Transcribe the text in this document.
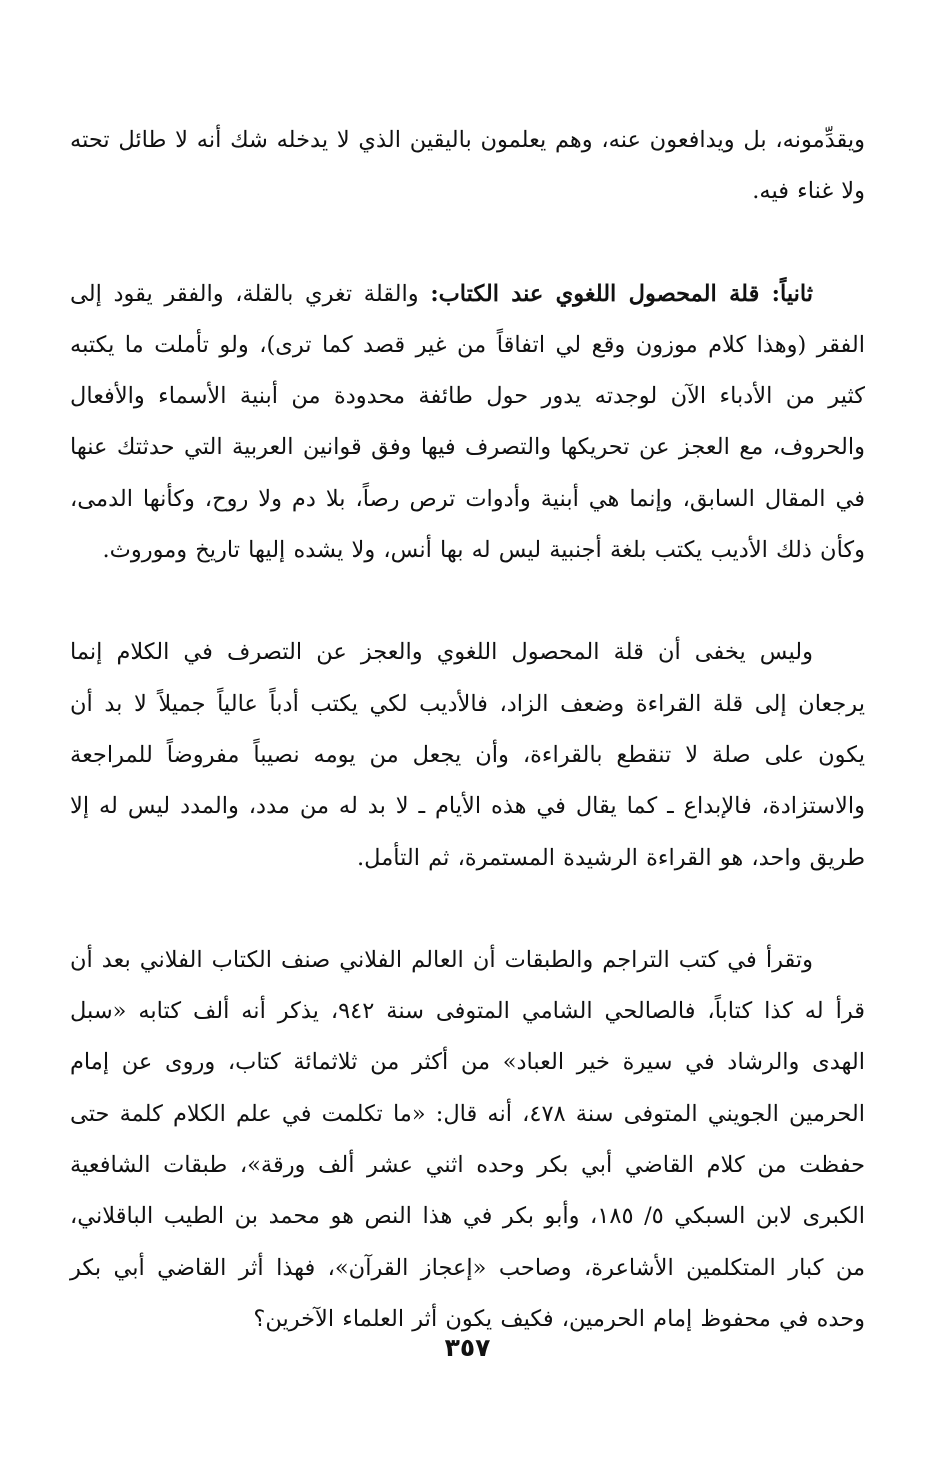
ويقدِّمونه، بل ويدافعون عنه، وهم يعلمون باليقين الذي لا يدخله شك أنه لا طائل تحته ولا غناء فيه.

ثانياً: قلة المحصول اللغوي عند الكتاب: والقلة تغري بالقلة، والفقر يقود إلى الفقر (وهذا كلام موزون وقع لي اتفاقاً من غير قصد كما ترى)، ولو تأملت ما يكتبه كثير من الأدباء الآن لوجدته يدور حول طائفة محدودة من أبنية الأسماء والأفعال والحروف، مع العجز عن تحريكها والتصرف فيها وفق قوانين العربية التي حدثتك عنها في المقال السابق، وإنما هي أبنية وأدوات ترص رصاً، بلا دم ولا روح، وكأنها الدمى، وكأن ذلك الأديب يكتب بلغة أجنبية ليس له بها أنس، ولا يشده إليها تاريخ وموروث.

وليس يخفى أن قلة المحصول اللغوي والعجز عن التصرف في الكلام إنما يرجعان إلى قلة القراءة وضعف الزاد، فالأديب لكي يكتب أدباً عالياً جميلاً لا بد أن يكون على صلة لا تنقطع بالقراءة، وأن يجعل من يومه نصيباً مفروضاً للمراجعة والاستزادة، فالإبداع ـ كما يقال في هذه الأيام ـ لا بد له من مدد، والمدد ليس له إلا طريق واحد، هو القراءة الرشيدة المستمرة، ثم التأمل.

وتقرأ في كتب التراجم والطبقات أن العالم الفلاني صنف الكتاب الفلاني بعد أن قرأ له كذا كتاباً، فالصالحي الشامي المتوفى سنة ٩٤٢، يذكر أنه ألف كتابه «سبل الهدى والرشاد في سيرة خير العباد» من أكثر من ثلاثمائة كتاب، وروى عن إمام الحرمين الجويني المتوفى سنة ٤٧٨، أنه قال: «ما تكلمت في علم الكلام كلمة حتى حفظت من كلام القاضي أبي بكر وحده اثني عشر ألف ورقة»، طبقات الشافعية الكبرى لابن السبكي ٥/ ١٨٥، وأبو بكر في هذا النص هو محمد بن الطيب الباقلاني، من كبار المتكلمين الأشاعرة، وصاحب «إعجاز القرآن»، فهذا أثر القاضي أبي بكر وحده في محفوظ إمام الحرمين، فكيف يكون أثر العلماء الآخرين؟

٣٥٧
